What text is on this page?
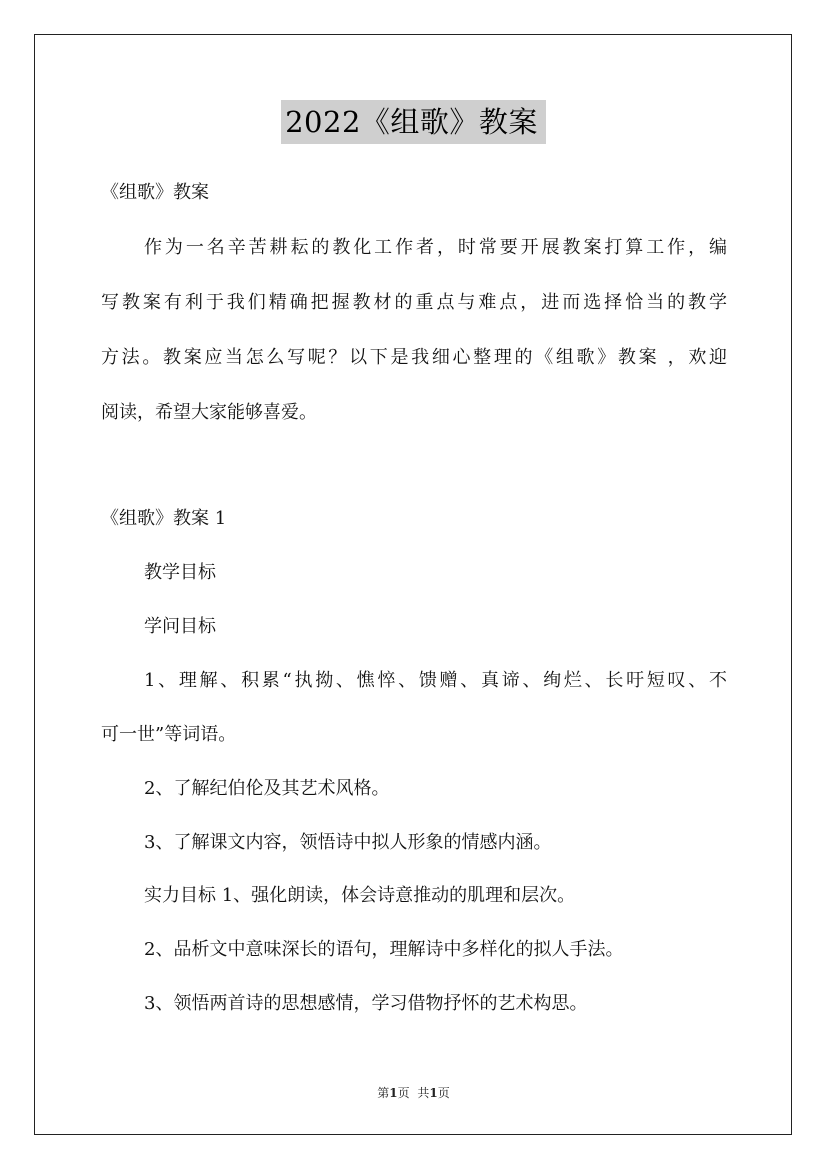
2022《组歌》教案
《组歌》教案
作为一名辛苦耕耘的教化工作者，时常要开展教案打算工作，编
写教案有利于我们精确把握教材的重点与难点，进而选择恰当的教学
方法。教案应当怎么写呢？以下是我细心整理的《组歌》教案 ，欢迎
阅读，希望大家能够喜爱。
《组歌》教案 1
教学目标
学问目标
1、理解、积累“执拗、憔悴、馈赠、真谛、绚烂、长吁短叹、不
可一世”等词语。
2、了解纪伯伦及其艺术风格。
3、了解课文内容，领悟诗中拟人形象的情感内涵。
实力目标 1、强化朗读，体会诗意推动的肌理和层次。
2、品析文中意味深长的语句，理解诗中多样化的拟人手法。
3、领悟两首诗的思想感情，学习借物抒怀的艺术构思。
第1页 共1页
